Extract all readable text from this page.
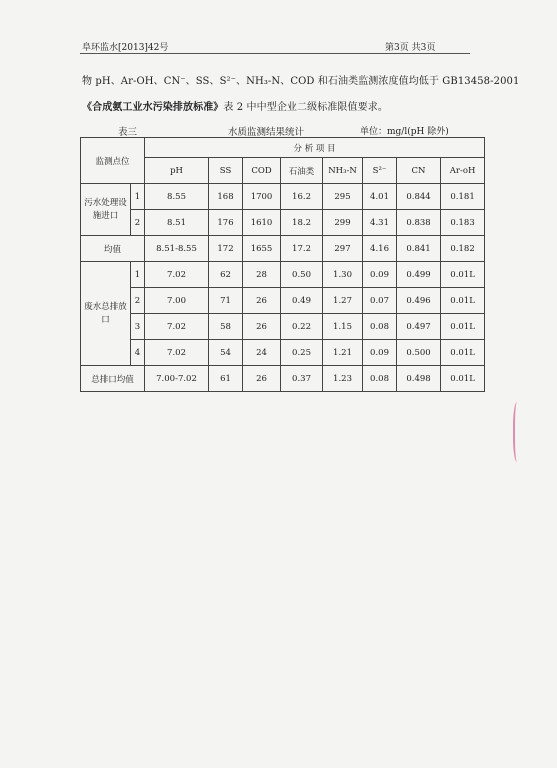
阜环监水[2013]42号	第3页 共3页
物 pH、Ar-OH、CN⁻、SS、S²⁻、NH₃-N、COD 和石油类监测浓度值均低于 GB13458-2001
《合成氨工业水污染排放标准》表 2 中中型企业二级标准限值要求。
表三	水质监测结果统计	单位：mg/l(pH 除外)
监测点位		分 析 项 目							
		pH	SS	COD	石油类	NH₃-N	S²⁻	CN	Ar-oH
污水处理设施进口	1	8.55	168	1700	16.2	295	4.01	0.844	0.181
	2	8.51	176	1610	18.2	299	4.31	0.838	0.183
均值		8.51-8.55	172	1655	17.2	297	4.16	0.841	0.182
废水总排放口	1	7.02	62	28	0.50	1.30	0.09	0.499	0.01L
	2	7.00	71	26	0.49	1.27	0.07	0.496	0.01L
	3	7.02	58	26	0.22	1.15	0.08	0.497	0.01L
	4	7.02	54	24	0.25	1.21	0.09	0.500	0.01L
总排口均值		7.00-7.02	61	26	0.37	1.23	0.08	0.498	0.01L
